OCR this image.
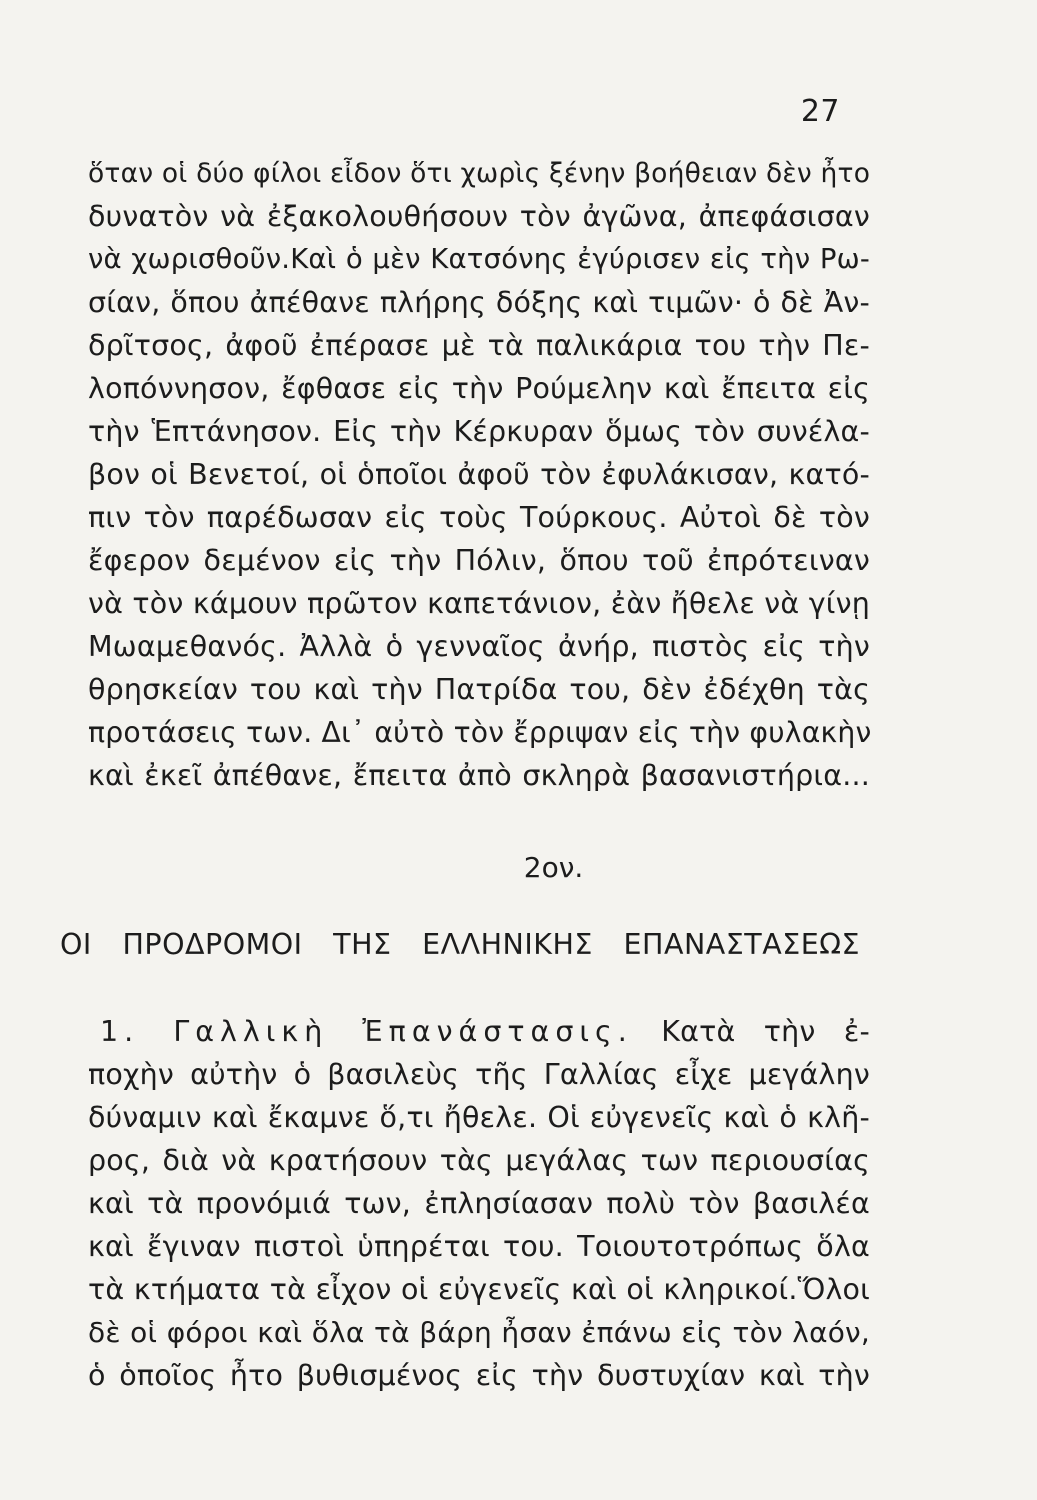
27
ὅταν οἱ δύο φίλοι εἶδον ὅτι χωρὶς ξένην βοήθειαν δὲν ἦτο
δυνατὸν νὰ ἐξακολουθήσουν τὸν ἀγῶνα, ἀπεφάσισαν
νὰ χωρισθοῦν.Καὶ ὁ μὲν Κατσόνης ἐγύρισεν εἰς τὴν Ρω-
σίαν, ὅπου ἀπέθανε πλήρης δόξης καὶ τιμῶν· ὁ δὲ Ἀν-
δρῖτσος, ἀφοῦ ἐπέρασε μὲ τὰ παλικάρια του τὴν Πε-
λοπόννησον, ἔφθασε εἰς τὴν Ρούμελην καὶ ἔπειτα εἰς
τὴν Ἑπτάνησον. Εἰς τὴν Κέρκυραν ὅμως τὸν συνέλα-
βον οἱ Βενετοί, οἱ ὁποῖοι ἀφοῦ τὸν ἐφυλάκισαν, κατό-
πιν τὸν παρέδωσαν εἰς τοὺς Τούρκους. Αὐτοὶ δὲ τὸν
ἔφερον δεμένον εἰς τὴν Πόλιν, ὅπου τοῦ ἐπρότειναν
νὰ τὸν κάμουν πρῶτον καπετάνιον, ἐὰν ἤθελε νὰ γίνῃ
Μωαμεθανός. Ἀλλὰ ὁ γενναῖος ἀνήρ, πιστὸς εἰς τὴν
θρησκείαν του καὶ τὴν Πατρίδα του, δὲν ἐδέχθη τὰς
προτάσεις των. Δι᾽ αὐτὸ τὸν ἔρριψαν εἰς τὴν φυλακὴν
καὶ ἐκεῖ ἀπέθανε, ἔπειτα ἀπὸ σκληρὰ βασανιστήρια...
2ον.
ΟΙ ΠΡΟΔΡΟΜΟΙ ΤΗΣ ΕΛΛΗΝΙΚΗΣ ΕΠΑΝΑΣΤΑΣΕΩΣ
1. Γαλλικὴ Ἐπανάστασις. Κατὰ τὴν ἐ-
ποχὴν αὐτὴν ὁ βασιλεὺς τῆς Γαλλίας εἶχε μεγάλην
δύναμιν καὶ ἔκαμνε ὅ,τι ἤθελε. Οἱ εὐγενεῖς καὶ ὁ κλῆ-
ρος, διὰ νὰ κρατήσουν τὰς μεγάλας των περιουσίας
καὶ τὰ προνόμιά των, ἐπλησίασαν πολὺ τὸν βασιλέα
καὶ ἔγιναν πιστοὶ ὑπηρέται του. Τοιουτοτρόπως ὅλα
τὰ κτήματα τὰ εἶχον οἱ εὐγενεῖς καὶ οἱ κληρικοί.Ὅλοι
δὲ οἱ φόροι καὶ ὅλα τὰ βάρη ἦσαν ἐπάνω εἰς τὸν λαόν,
ὁ ὁποῖος ἦτο βυθισμένος εἰς τὴν δυστυχίαν καὶ τὴν
